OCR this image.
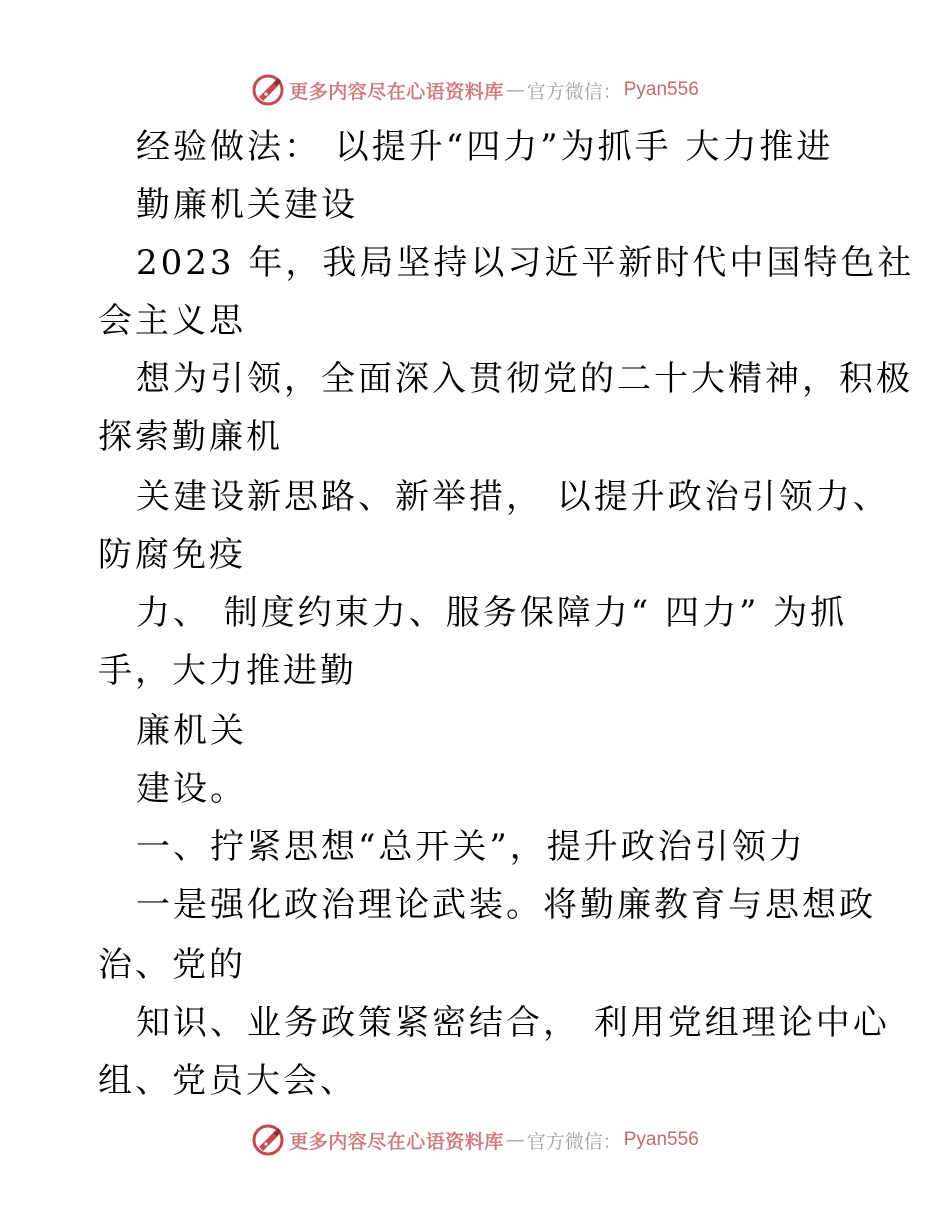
更多内容尽在心语资料库 — 官方微信： Pyan556
经验做法： 以提升“四力”为抓手 大力推进
勤廉机关建设
2023 年，我局坚持以习近平新时代中国特色社
会主义思
想为引领，全面深入贯彻党的二十大精神，积极
探索勤廉机
关建设新思路、新举措， 以提升政治引领力、
防腐免疫
力、 制度约束力、服务保障力“ 四力” 为抓
手，大力推进勤
廉机关
建设。
一、拧紧思想“总开关”，提升政治引领力
一是强化政治理论武装。将勤廉教育与思想政
治、党的
知识、业务政策紧密结合， 利用党组理论中心
组、党员大会、
更多内容尽在心语资料库 — 官方微信： Pyan556
